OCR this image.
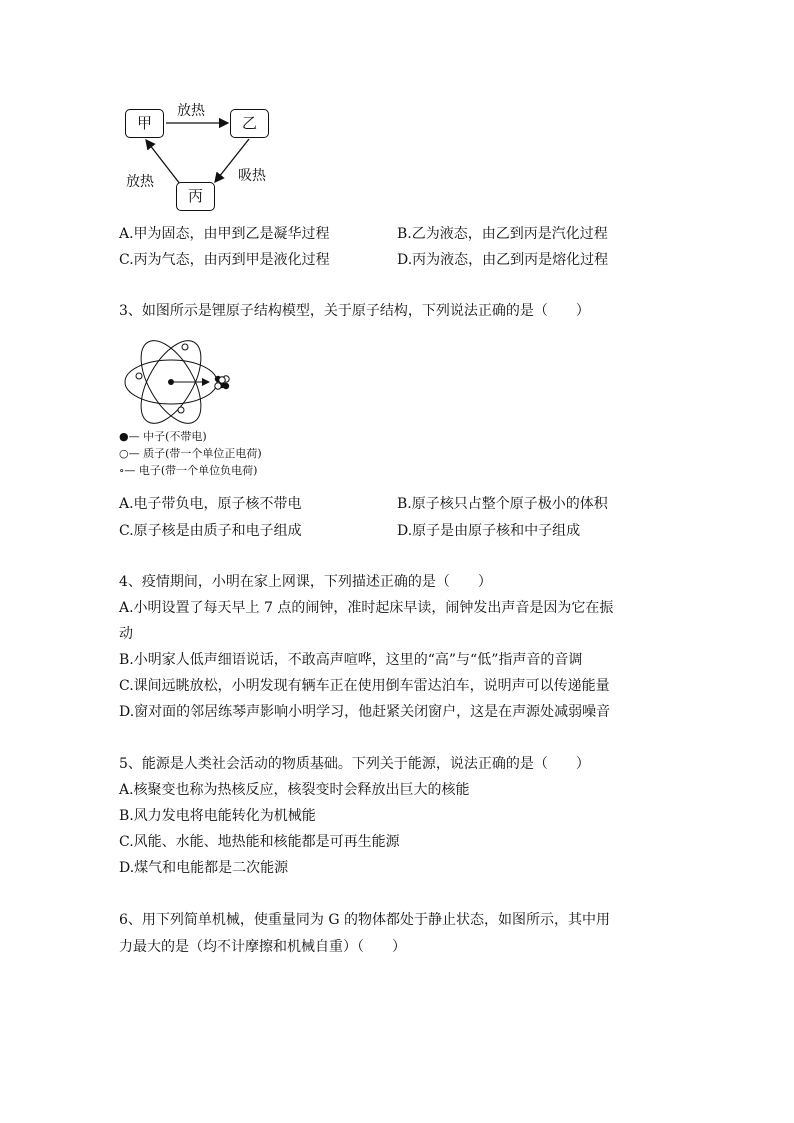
甲	乙
丙
放热
吸热
放热
A.甲为固态，由甲到乙是凝华过程	B.乙为液态，由乙到丙是汽化过程
C.丙为气态，由丙到甲是液化过程	D.丙为液态，由乙到丙是熔化过程
3、如图所示是锂原子结构模型，关于原子结构，下列说法正确的是（　　）
●— 中子(不带电)
○— 质子(带一个单位正电荷)
∘— 电子(带一个单位负电荷)
A.电子带负电，原子核不带电	B.原子核只占整个原子极小的体积
C.原子核是由质子和电子组成	D.原子是由原子核和中子组成
4、疫情期间，小明在家上网课，下列描述正确的是（　　）
A.小明设置了每天早上 7 点的闹钟，准时起床早读，闹钟发出声音是因为它在振
动
B.小明家人低声细语说话，不敢高声喧哗，这里的“高”与“低”指声音的音调
C.课间远眺放松，小明发现有辆车正在使用倒车雷达泊车，说明声可以传递能量
D.窗对面的邻居练琴声影响小明学习，他赶紧关闭窗户，这是在声源处减弱噪音
5、能源是人类社会活动的物质基础。下列关于能源，说法正确的是（　　）
A.核聚变也称为热核反应，核裂变时会释放出巨大的核能
B.风力发电将电能转化为机械能
C.风能、水能、地热能和核能都是可再生能源
D.煤气和电能都是二次能源
6、用下列简单机械，使重量同为 G 的物体都处于静止状态，如图所示，其中用
力最大的是（均不计摩擦和机械自重）（　　）
